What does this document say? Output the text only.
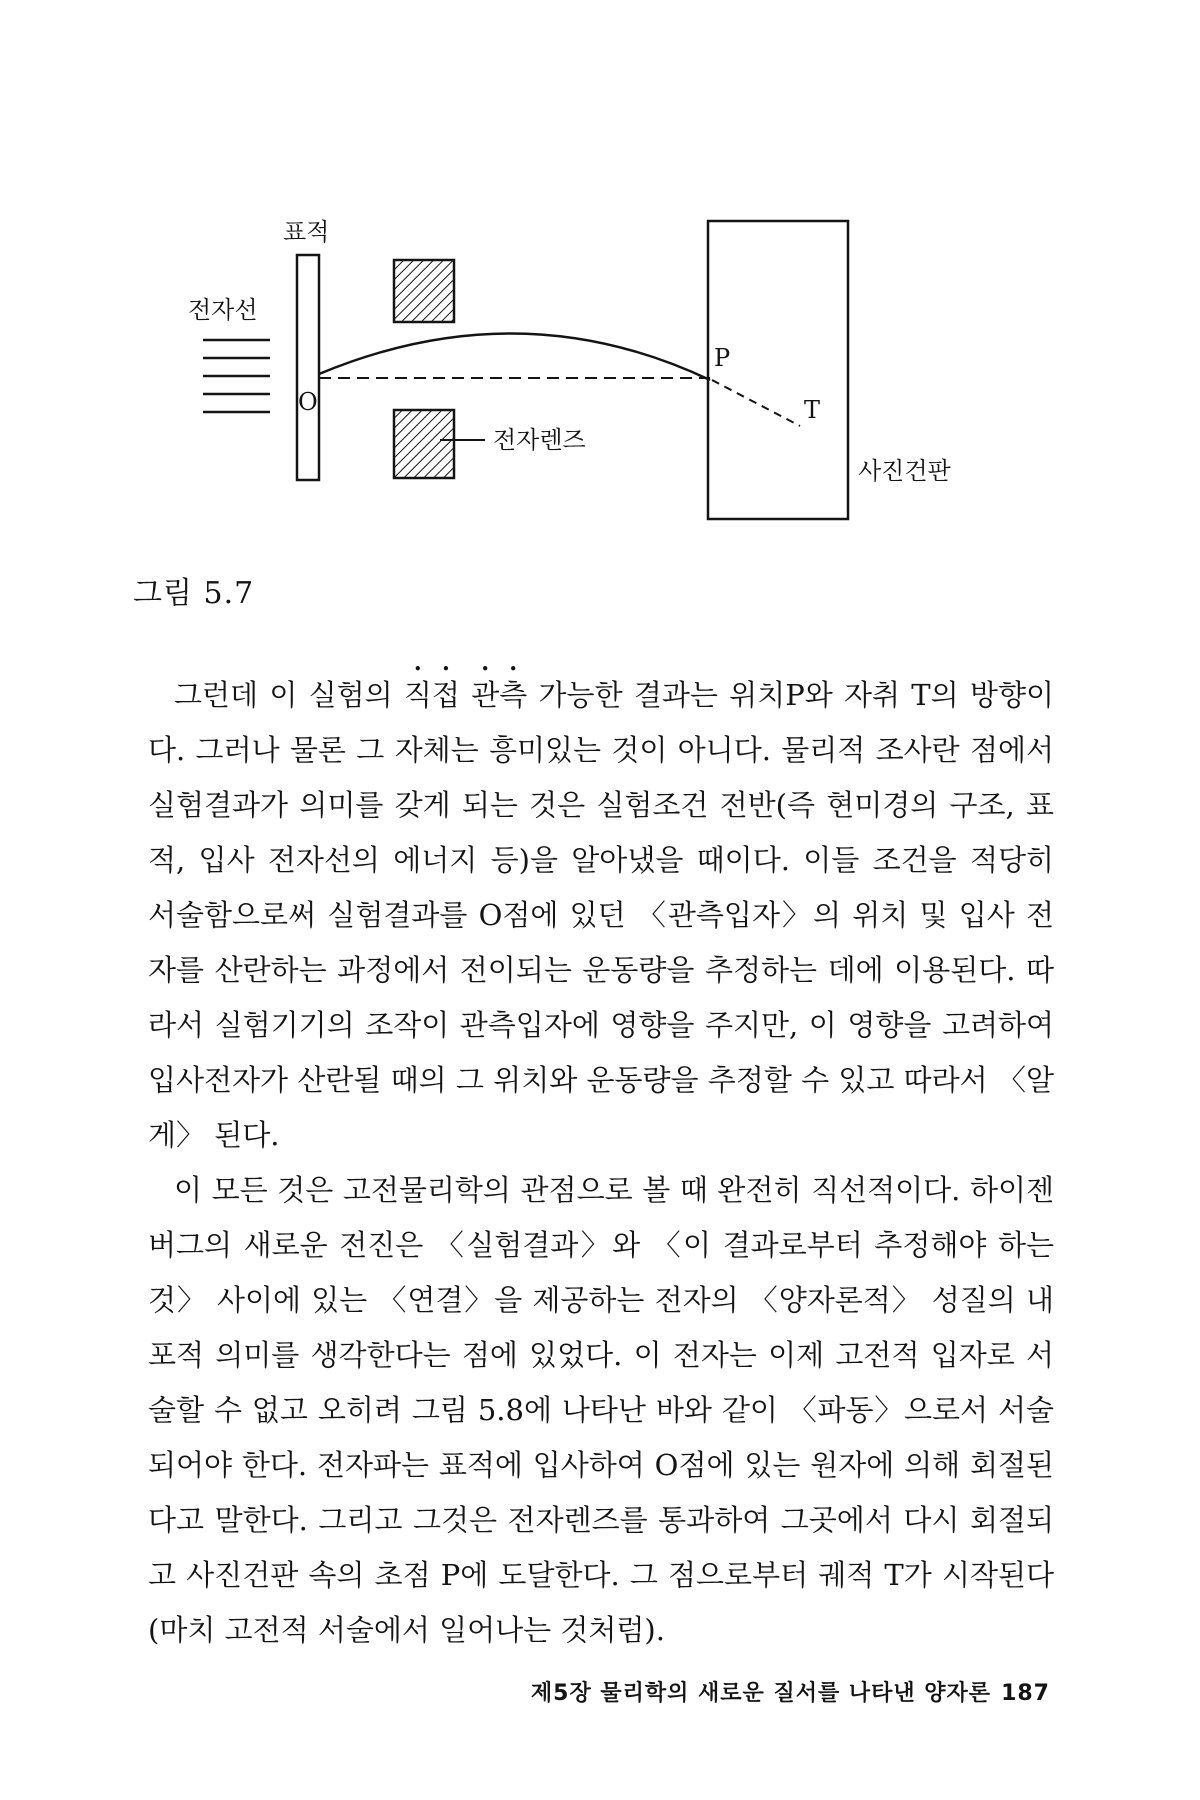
표적
전자선
O
P
T
전자렌즈
사진건판

그림 5.7

그런데 이 실험의 직접 관측 가능한 결과는 위치P와 자취 T의 방향이다. 그러나 물론 그 자체는 흥미있는 것이 아니다. 물리적 조사란 점에서 실험결과가 의미를 갖게 되는 것은 실험조건 전반(즉 현미경의 구조, 표적, 입사 전자선의 에너지 등)을 알아냈을 때이다. 이들 조건을 적당히 서술함으로써 실험결과를 O점에 있던 〈관측입자〉의 위치 및 입사 전자를 산란하는 과정에서 전이되는 운동량을 추정하는 데에 이용된다. 따라서 실험기기의 조작이 관측입자에 영향을 주지만, 이 영향을 고려하여 입사전자가 산란될 때의 그 위치와 운동량을 추정할 수 있고 따라서 〈알게〉 된다.

이 모든 것은 고전물리학의 관점으로 볼 때 완전히 직선적이다. 하이젠버그의 새로운 전진은 〈실험결과〉와 〈이 결과로부터 추정해야 하는 것〉 사이에 있는 〈연결〉을 제공하는 전자의 〈양자론적〉 성질의 내포적 의미를 생각한다는 점에 있었다. 이 전자는 이제 고전적 입자로 서술할 수 없고 오히려 그림 5.8에 나타난 바와 같이 〈파동〉으로서 서술되어야 한다. 전자파는 표적에 입사하여 O점에 있는 원자에 의해 회절된다고 말한다. 그리고 그것은 전자렌즈를 통과하여 그곳에서 다시 회절되고 사진건판 속의 초점 P에 도달한다. 그 점으로부터 궤적 T가 시작된다(마치 고전적 서술에서 일어나는 것처럼).

제5장 물리학의 새로운 질서를 나타낸 양자론 187
